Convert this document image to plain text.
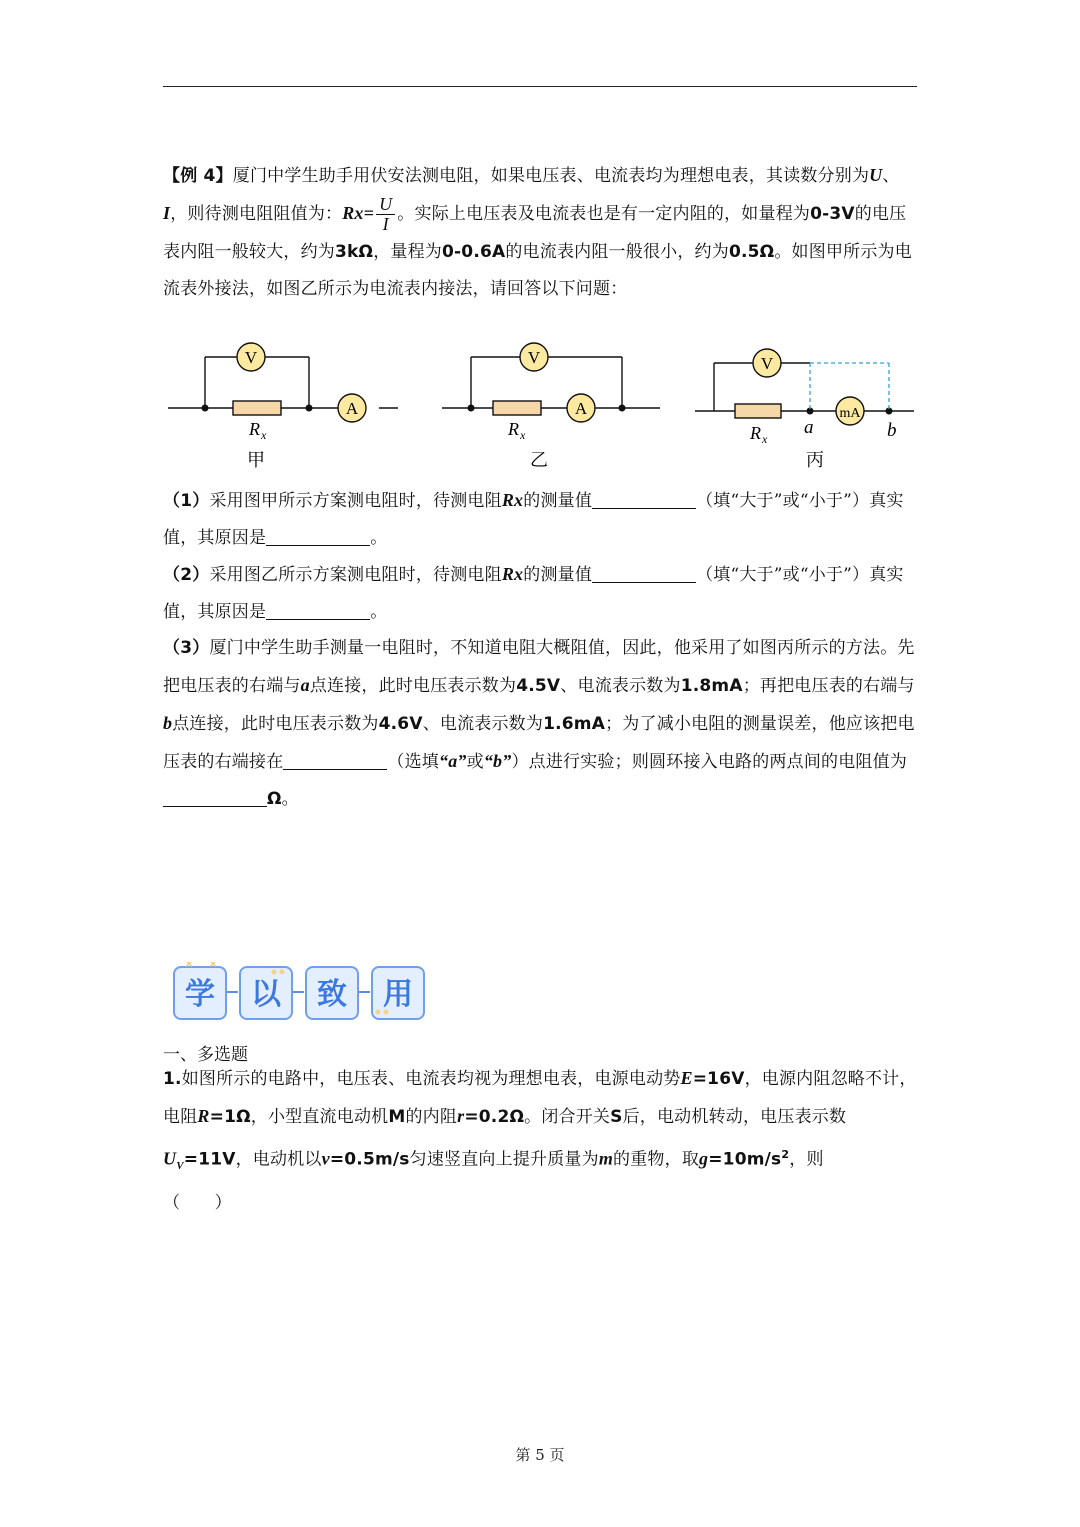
【例 4】厦门中学生助手用伏安法测电阻，如果电压表、电流表均为理想电表，其读数分别为U、I，则待测电阻阻值为：$Rx= \frac{U}{I}$ 。实际上电压表及电流表也是有一定内阻的，如量程为0-3V的电压表内阻一般较大，约为3kΩ，量程为0-0.6A的电流表内阻一般很小，约为0.5Ω。如图甲所示为电流表外接法，如图乙所示为电流表内接法，请回答以下问题：
V
A
R x
甲
V
A
R x
乙
V
mA
R x
a	b
丙
（1）采用图甲所示方案测电阻时，待测电阻Rx的测量值	（填“大于”或“小于”）真实值，其原因是	。
（2）采用图乙所示方案测电阻时，待测电阻Rx的测量值	（填“大于”或“小于”）真实值，其原因是	。
（3）厦门中学生助手测量一电阻时，不知道电阻大概阻值，因此，他采用了如图丙所示的方法。先把电压表的右端与a点连接，此时电压表示数为4.5V、电流表示数为1.8mA；再把电压表的右端与b点连接，此时电压表示数为4.6V、电流表示数为1.6mA；为了减小电阻的测量误差，他应该把电压表的右端接在	（选填“a”或“b”）点进行实验；则圆环接入电路的两点间的电阻值为Ω。
✕ ✕
学 以 致 用
一、多选题
1.如图所示的电路中，电压表、电流表均视为理想电表，电源电动势E=16V，电源内阻忽略不计，电阻R=1Ω，小型直流电动机M的内阻r=0.2Ω。闭合开关S后，电动机转动，电压表示数$U_V=11V$，电动机以v=0.5m/s匀速竖直向上提升质量为m的重物，取$g=10m/s^2$，则
（　　）
第 5 页
